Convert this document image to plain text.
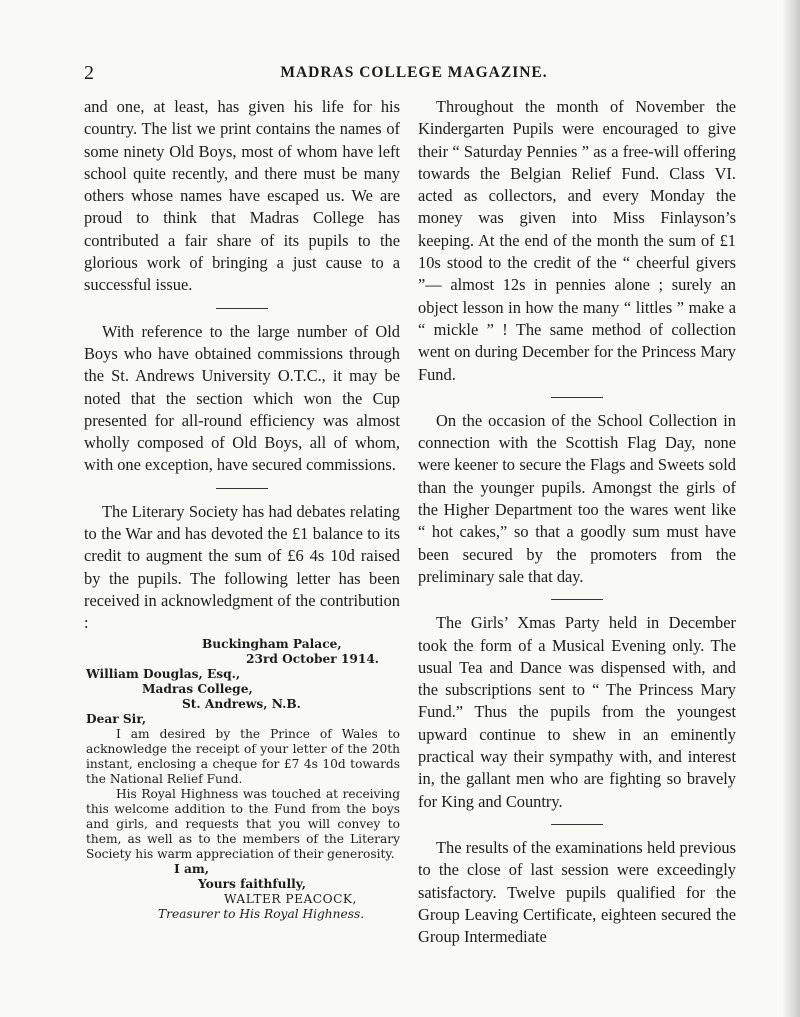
2	MADRAS COLLEGE MAGAZINE.

and one, at least, has given his life for his country. The list we print contains the names of some ninety Old Boys, most of whom have left school quite recently, and there must be many others whose names have escaped us. We are proud to think that Madras College has contributed a fair share of its pupils to the glorious work of bringing a just cause to a successful issue.

With reference to the large number of Old Boys who have obtained commissions through the St. Andrews University O.T.C., it may be noted that the section which won the Cup presented for all-round efficiency was almost wholly composed of Old Boys, all of whom, with one exception, have secured commissions.

The Literary Society has had debates relating to the War and has devoted the £1 balance to its credit to augment the sum of £6 4s 10d raised by the pupils. The following letter has been received in acknowledgment of the contribution :

Buckingham Palace,
23rd October 1914.
William Douglas, Esq.,
Madras College,
St. Andrews, N.B.
Dear Sir,
I am desired by the Prince of Wales to acknowledge the receipt of your letter of the 20th instant, enclosing a cheque for £7 4s 10d towards the National Relief Fund.
His Royal Highness was touched at receiving this welcome addition to the Fund from the boys and girls, and requests that you will convey to them, as well as to the members of the Literary Society his warm appreciation of their generosity.
I am,
Yours faithfully,
WALTER PEACOCK,
Treasurer to His Royal Highness.

Throughout the month of November the Kindergarten Pupils were encouraged to give their “ Saturday Pennies ” as a free-will offering towards the Belgian Relief Fund. Class VI. acted as collectors, and every Monday the money was given into Miss Finlayson’s keeping. At the end of the month the sum of £1 10s stood to the credit of the “ cheerful givers ”— almost 12s in pennies alone ; surely an object lesson in how the many “ littles ” make a “ mickle ” ! The same method of collection went on during December for the Princess Mary Fund.

On the occasion of the School Collection in connection with the Scottish Flag Day, none were keener to secure the Flags and Sweets sold than the younger pupils. Amongst the girls of the Higher Department too the wares went like “ hot cakes,” so that a goodly sum must have been secured by the promoters from the preliminary sale that day.

The Girls’ Xmas Party held in December took the form of a Musical Evening only. The usual Tea and Dance was dispensed with, and the subscriptions sent to “ The Princess Mary Fund.” Thus the pupils from the youngest upward continue to shew in an eminently practical way their sympathy with, and interest in, the gallant men who are fighting so bravely for King and Country.

The results of the examinations held previous to the close of last session were exceedingly satisfactory. Twelve pupils qualified for the Group Leaving Certificate, eighteen secured the Group Intermediate
